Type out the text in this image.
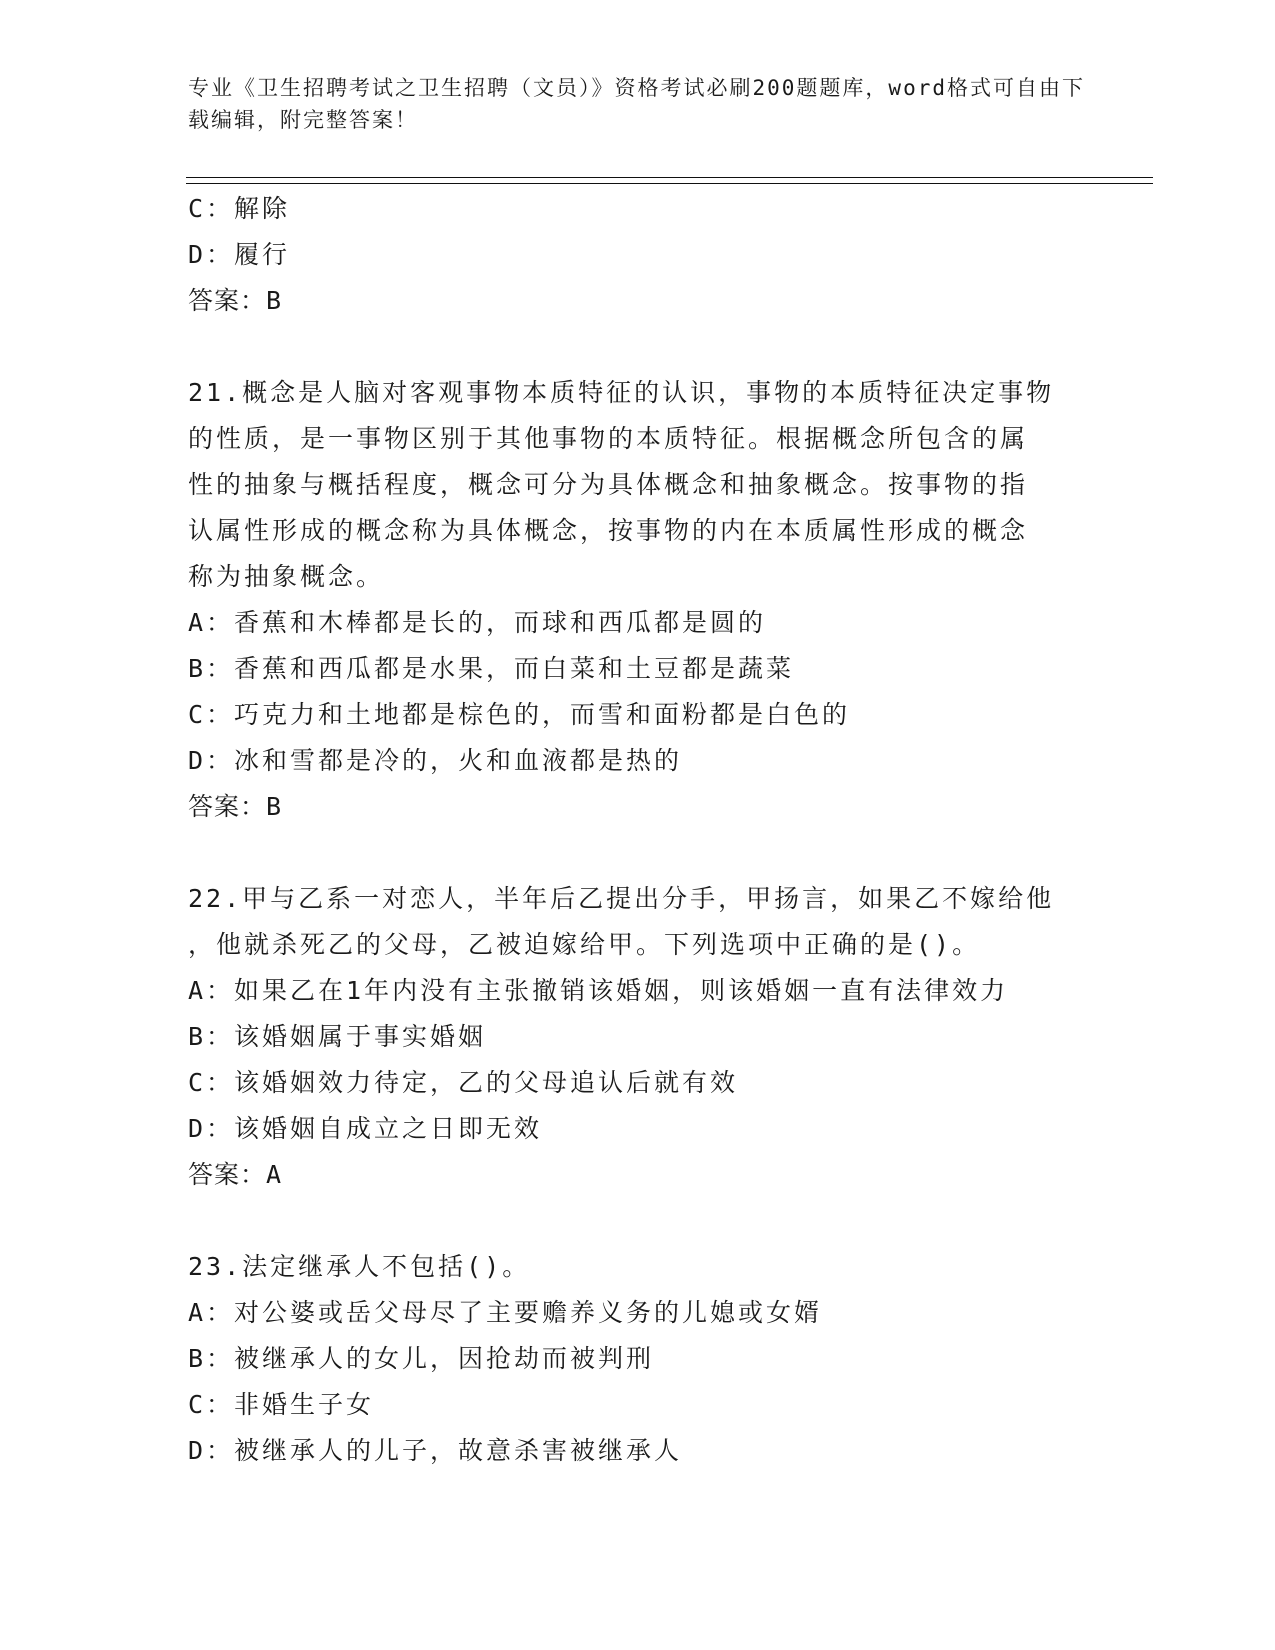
专业《卫生招聘考试之卫生招聘（文员）》资格考试必刷200题题库，word格式可自由下载编辑，附完整答案！
C：解除
D：履行
答案：B
21.概念是人脑对客观事物本质特征的认识，事物的本质特征决定事物
的性质，是一事物区别于其他事物的本质特征。根据概念所包含的属
性的抽象与概括程度，概念可分为具体概念和抽象概念。按事物的指
认属性形成的概念称为具体概念，按事物的内在本质属性形成的概念
称为抽象概念。
A：香蕉和木棒都是长的，而球和西瓜都是圆的
B：香蕉和西瓜都是水果，而白菜和土豆都是蔬菜
C：巧克力和土地都是棕色的，而雪和面粉都是白色的
D：冰和雪都是冷的，火和血液都是热的
答案：B
22.甲与乙系一对恋人，半年后乙提出分手，甲扬言，如果乙不嫁给他
，他就杀死乙的父母，乙被迫嫁给甲。下列选项中正确的是()。
A：如果乙在1年内没有主张撤销该婚姻，则该婚姻一直有法律效力
B：该婚姻属于事实婚姻
C：该婚姻效力待定，乙的父母追认后就有效
D：该婚姻自成立之日即无效
答案：A
23.法定继承人不包括()。
A：对公婆或岳父母尽了主要赡养义务的儿媳或女婿
B：被继承人的女儿，因抢劫而被判刑
C：非婚生子女
D：被继承人的儿子，故意杀害被继承人
